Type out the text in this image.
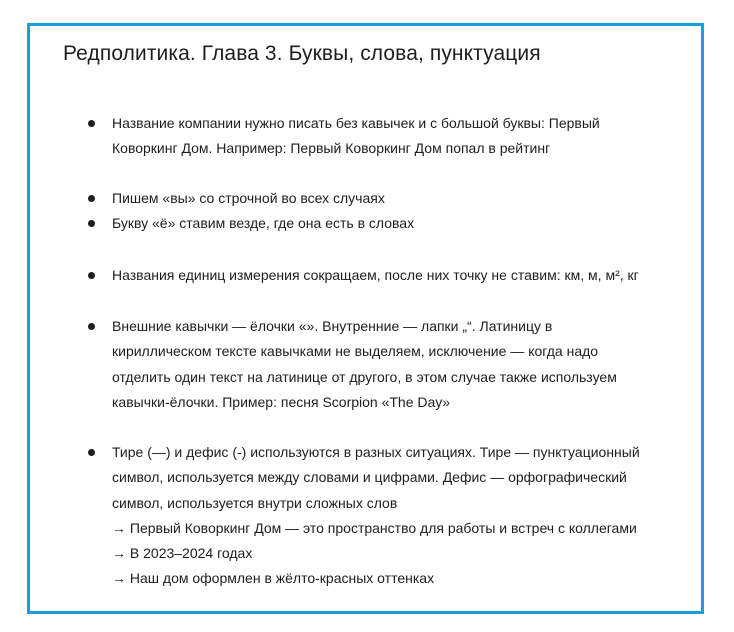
Редполитика. Глава 3. Буквы, слова, пунктуация
Название компании нужно писать без кавычек и с большой буквы: Первый
Коворкинг Дом. Например: Первый Коворкинг Дом попал в рейтинг
Пишем «вы» со строчной во всех случаях
Букву «ё» ставим везде, где она есть в словах
Названия единиц измерения сокращаем, после них точку не ставим: км, м, м², кг
Внешние кавычки — ёлочки «». Внутренние — лапки „“. Латиницу в
кириллическом тексте кавычками не выделяем, исключение — когда надо
отделить один текст на латинице от другого, в этом случае также используем
кавычки-ёлочки. Пример: песня Scorpion «The Day»
Тире (—) и дефис (-) используются в разных ситуациях. Тире — пунктуационный
символ, используется между словами и цифрами. Дефис — орфографический
символ, используется внутри сложных слов
→ Первый Коворкинг Дом — это пространство для работы и встреч с коллегами
→ В 2023–2024 годах
→ Наш дом оформлен в жёлто-красных оттенках
